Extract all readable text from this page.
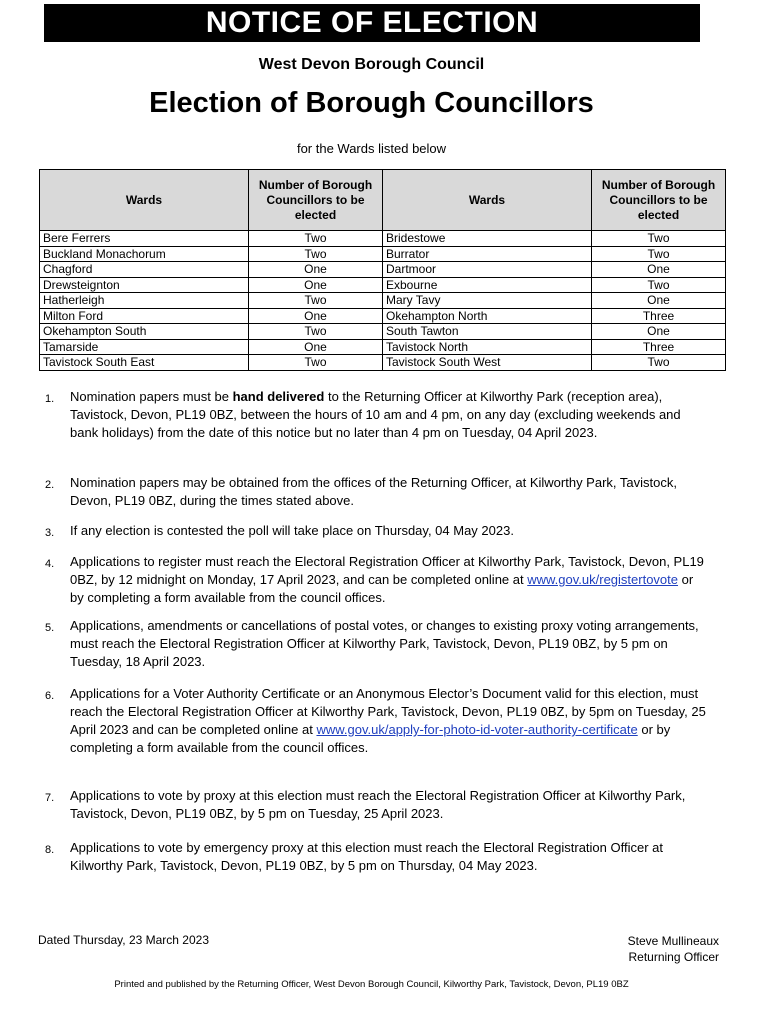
NOTICE OF ELECTION
West Devon Borough Council
Election of Borough Councillors
for the Wards listed below
Wards	Number of Borough Councillors to be elected	Wards	Number of Borough Councillors to be elected
Bere Ferrers	Two	Bridestowe	Two
Buckland Monachorum	Two	Burrator	Two
Chagford	One	Dartmoor	One
Drewsteignton	One	Exbourne	Two
Hatherleigh	Two	Mary Tavy	One
Milton Ford	One	Okehampton North	Three
Okehampton South	Two	South Tawton	One
Tamarside	One	Tavistock North	Three
Tavistock South East	Two	Tavistock South West	Two
1.	Nomination papers must be hand delivered to the Returning Officer at Kilworthy Park (reception area), Tavistock, Devon, PL19 0BZ, between the hours of 10 am and 4 pm, on any day (excluding weekends and bank holidays) from the date of this notice but no later than 4 pm on Tuesday, 04 April 2023.
2.	Nomination papers may be obtained from the offices of the Returning Officer, at Kilworthy Park, Tavistock, Devon, PL19 0BZ, during the times stated above.
3.	If any election is contested the poll will take place on Thursday, 04 May 2023.
4.	Applications to register must reach the Electoral Registration Officer at Kilworthy Park, Tavistock, Devon, PL19 0BZ, by 12 midnight on Monday, 17 April 2023, and can be completed online at www.gov.uk/registertovote or by completing a form available from the council offices.
5.	Applications, amendments or cancellations of postal votes, or changes to existing proxy voting arrangements, must reach the Electoral Registration Officer at Kilworthy Park, Tavistock, Devon, PL19 0BZ, by 5 pm on Tuesday, 18 April 2023.
6.	Applications for a Voter Authority Certificate or an Anonymous Elector’s Document valid for this election, must reach the Electoral Registration Officer at Kilworthy Park, Tavistock, Devon, PL19 0BZ, by 5pm on Tuesday, 25 April 2023 and can be completed online at www.gov.uk/apply-for-photo-id-voter-authority-certificate or by completing a form available from the council offices.
7.	Applications to vote by proxy at this election must reach the Electoral Registration Officer at Kilworthy Park, Tavistock, Devon, PL19 0BZ, by 5 pm on Tuesday, 25 April 2023.
8.	Applications to vote by emergency proxy at this election must reach the Electoral Registration Officer at Kilworthy Park, Tavistock, Devon, PL19 0BZ, by 5 pm on Thursday, 04 May 2023.
Dated Thursday, 23 March 2023	Steve Mullineaux
Returning Officer
Printed and published by the Returning Officer, West Devon Borough Council, Kilworthy Park, Tavistock, Devon, PL19 0BZ
